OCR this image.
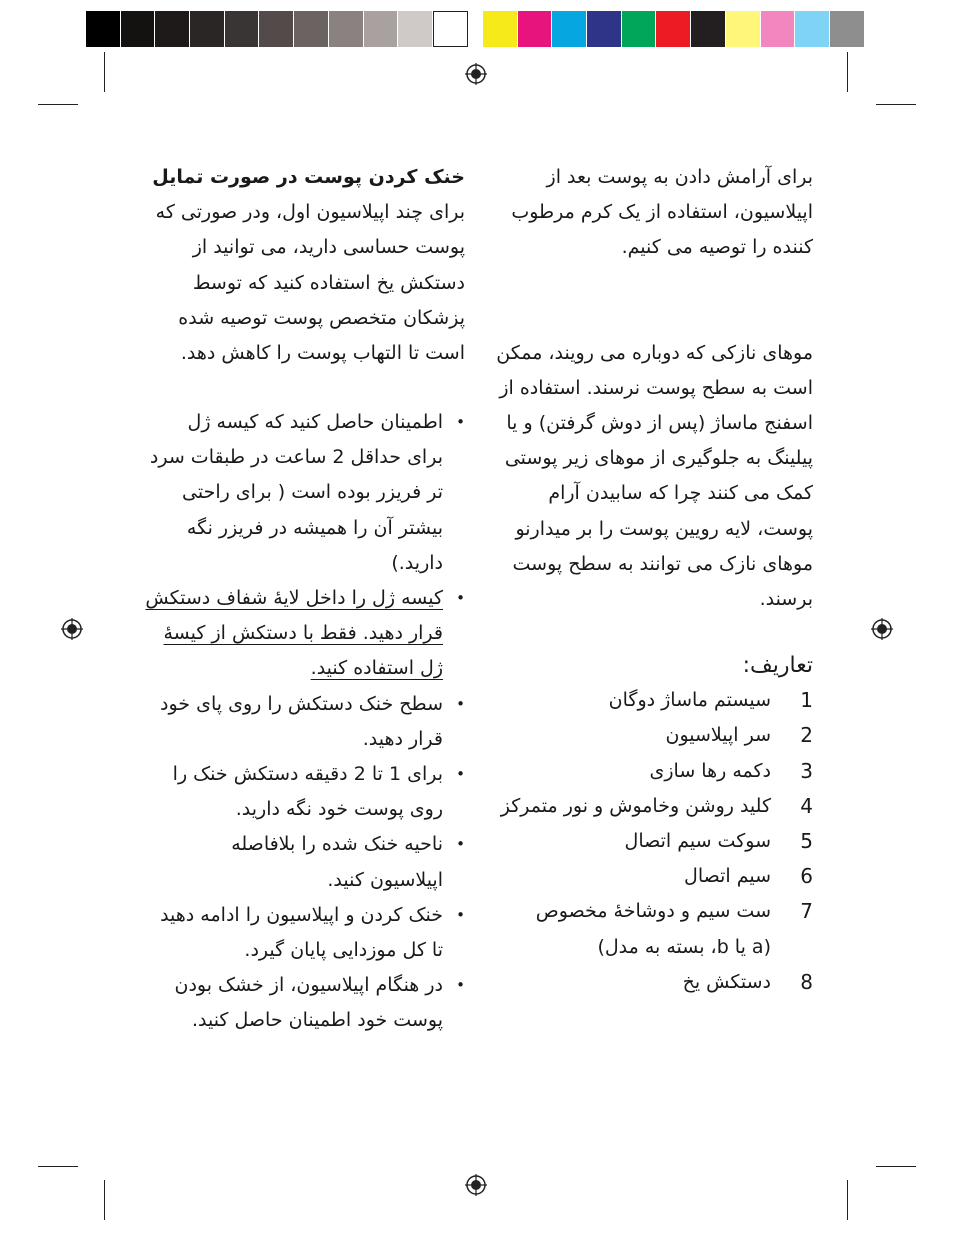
برای آرامش دادن به پوست بعد از
اپیلاسیون، استفاده از یک کرم مرطوب
کننده را توصیه می کنیم.

موهای نازکی که دوباره می رویند، ممکن
است به سطح پوست نرسند. استفاده از
اسفنج ماساژ (پس از دوش گرفتن) و یا
پیلینگ به جلوگیری از موهای زیر پوستی
کمک می کنند چرا که سابیدن آرام
پوست، لایه رویین پوست را بر میدارنو
موهای نازک می توانند به سطح پوست
برسند.

تعاریف:

1
سیستم ماساژ دوگان
2
سر اپیلاسیون
3
دکمه رها سازی
4
کلید روشن وخاموش و نور متمرکز
5
سوکت سیم اتصال
6
سیم اتصال
7
ست سیم و دوشاخهٔ مخصوص
(a یا b، بسته به مدل)
8
دستکش یخ

خنک کردن پوست در صورت تمایل

برای چند اپیلاسیون اول، ودر صورتی که
پوست حساسی دارید، می توانید از
دستکش یخ استفاده کنید که توسط
پزشکان متخصص پوست توصیه شده
است تا التهاب پوست را کاهش دهد.

• اطمینان حاصل کنید که کیسه ژل
برای حداقل 2 ساعت در طبقات سرد
تر فریزر بوده است ( برای راحتی
بیشتر آن را همیشه در فریزر نگه
دارید.)
• کیسه ژل را داخل لایهٔ شفاف دستکش
قرار دهید. فقط با دستکش از کیسهٔ
ژل استفاده کنید.
• سطح خنک دستکش را روی پای خود
قرار دهید.
• برای 1 تا 2 دقیقه دستکش خنک را
روی پوست خود نگه دارید.
• ناحیه خنک شده را بلافاصله
اپیلاسیون کنید.
• خنک کردن و اپیلاسیون را ادامه دهید
تا کل موزدایی پایان گیرد.
• در هنگام اپیلاسیون، از خشک بودن
پوست خود اطمینان حاصل کنید.
